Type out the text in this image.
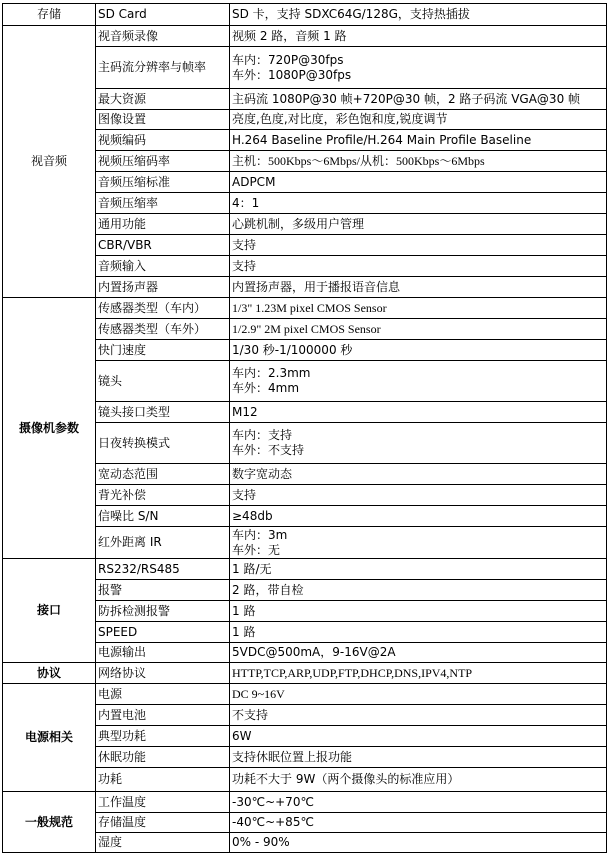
存储	SD Card	SD 卡，支持 SDXC64G/128G，支持热插拔

视音频	视音频录像	视频 2 路，音频 1 路

	主码流分辨率与帧率	车内：720P@30fps
车外：1080P@30fps

	最大资源	主码流 1080P@30 帧+720P@30 帧，2 路子码流 VGA@30 帧

	图像设置	亮度,色度,对比度，彩色饱和度,锐度调节

	视频编码	H.264 Baseline Profile/H.264 Main Profile Baseline

	视频压缩码率	主机：500Kbps～6Mbps/从机：500Kbps～6Mbps

	音频压缩标准	ADPCM

	音频压缩率	4：1

	通用功能	心跳机制，多级用户管理

	CBR/VBR	支持

	音频输入	支持

	内置扬声器	内置扬声器，用于播报语音信息

摄像机参数	传感器类型（车内）	1/3" 1.23M pixel CMOS Sensor

	传感器类型（车外）	1/2.9" 2M pixel CMOS Sensor

	快门速度	1/30 秒-1/100000 秒

	镜头	车内：2.3mm
车外：4mm

	镜头接口类型	M12

	日夜转换模式	车内：支持
车外：不支持

	宽动态范围	数字宽动态

	背光补偿	支持

	信噪比 S/N	≥48db

	红外距离 IR	车内：3m
车外：无

接口	RS232/RS485	1 路/无

	报警	2 路，带自检

	防拆检测报警	1 路

	SPEED	1 路

	电源输出	5VDC@500mA，9-16V@2A

协议	网络协议	HTTP,TCP,ARP,UDP,FTP,DHCP,DNS,IPV4,NTP

电源相关	电源	DC 9~16V

	内置电池	不支持

	典型功耗	6W

	休眠功能	支持休眠位置上报功能

	功耗	功耗不大于 9W（两个摄像头的标准应用）

一般规范	工作温度	-30℃~+70℃

	存储温度	-40℃~+85℃

	湿度	0% - 90%
